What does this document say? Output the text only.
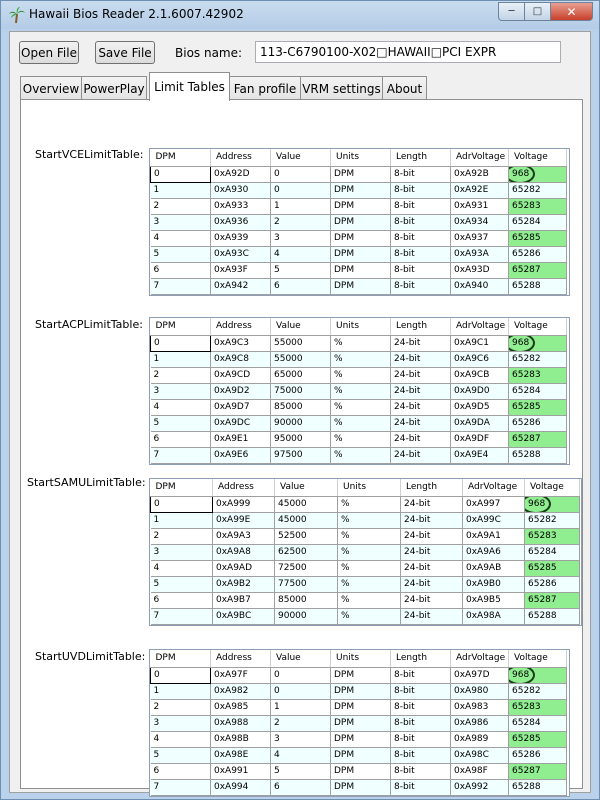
Hawaii Bios Reader 2.1.6007.42902	─	□	✕
Open File Save File Bios name:	113-C6790100-X02□HAWAII□PCI EXPR
Overview PowerPlay Limit Tables Fan profile VRM settings About
StartVCELimitTable: DPM	Address	Value	Units	Length	AdrVoltage	Voltage
0	0xA92D	0	DPM	8-bit	0xA92B	968

1	0xA930	0	DPM	8-bit	0xA92E	65282
2	0xA933	1	DPM	8-bit	0xA931	65283
3	0xA936	2	DPM	8-bit	0xA934	65284
4	0xA939	3	DPM	8-bit	0xA937	65285
5	0xA93C	4	DPM	8-bit	0xA93A	65286
6	0xA93F	5	DPM	8-bit	0xA93D	65287
7	0xA942	6	DPM	8-bit	0xA940	65288
StartACPLimitTable: DPM	Address	Value	Units	Length	AdrVoltage	Voltage
0	0xA9C3	55000	%	24-bit	0xA9C1	968

1	0xA9C8	55000	%	24-bit	0xA9C6	65282
2	0xA9CD	65000	%	24-bit	0xA9CB	65283
3	0xA9D2	75000	%	24-bit	0xA9D0	65284
4	0xA9D7	85000	%	24-bit	0xA9D5	65285
5	0xA9DC	90000	%	24-bit	0xA9DA	65286
6	0xA9E1	95000	%	24-bit	0xA9DF	65287
7	0xA9E6	97500	%	24-bit	0xA9E4	65288
StartSAMULimitTable: DPM	Address	Value	Units	Length	AdrVoltage	Voltage
0	0xA999	45000	%	24-bit	0xA997	968

1	0xA99E	45000	%	24-bit	0xA99C	65282
2	0xA9A3	52500	%	24-bit	0xA9A1	65283
3	0xA9A8	62500	%	24-bit	0xA9A6	65284
4	0xA9AD	72500	%	24-bit	0xA9AB	65285
5	0xA9B2	77500	%	24-bit	0xA9B0	65286
6	0xA9B7	85000	%	24-bit	0xA9B5	65287
7	0xA9BC	90000	%	24-bit	0xA98A	65288
StartUVDLimitTable: DPM	Address	Value	Units	Length	AdrVoltage	Voltage
0	0xA97F	0	DPM	8-bit	0xA97D	968

1	0xA982	0	DPM	8-bit	0xA980	65282
2	0xA985	1	DPM	8-bit	0xA983	65283
3	0xA988	2	DPM	8-bit	0xA986	65284
4	0xA98B	3	DPM	8-bit	0xA989	65285
5	0xA98E	4	DPM	8-bit	0xA98C	65286
6	0xA991	5	DPM	8-bit	0xA98F	65287
7	0xA994	6	DPM	8-bit	0xA992	65288
